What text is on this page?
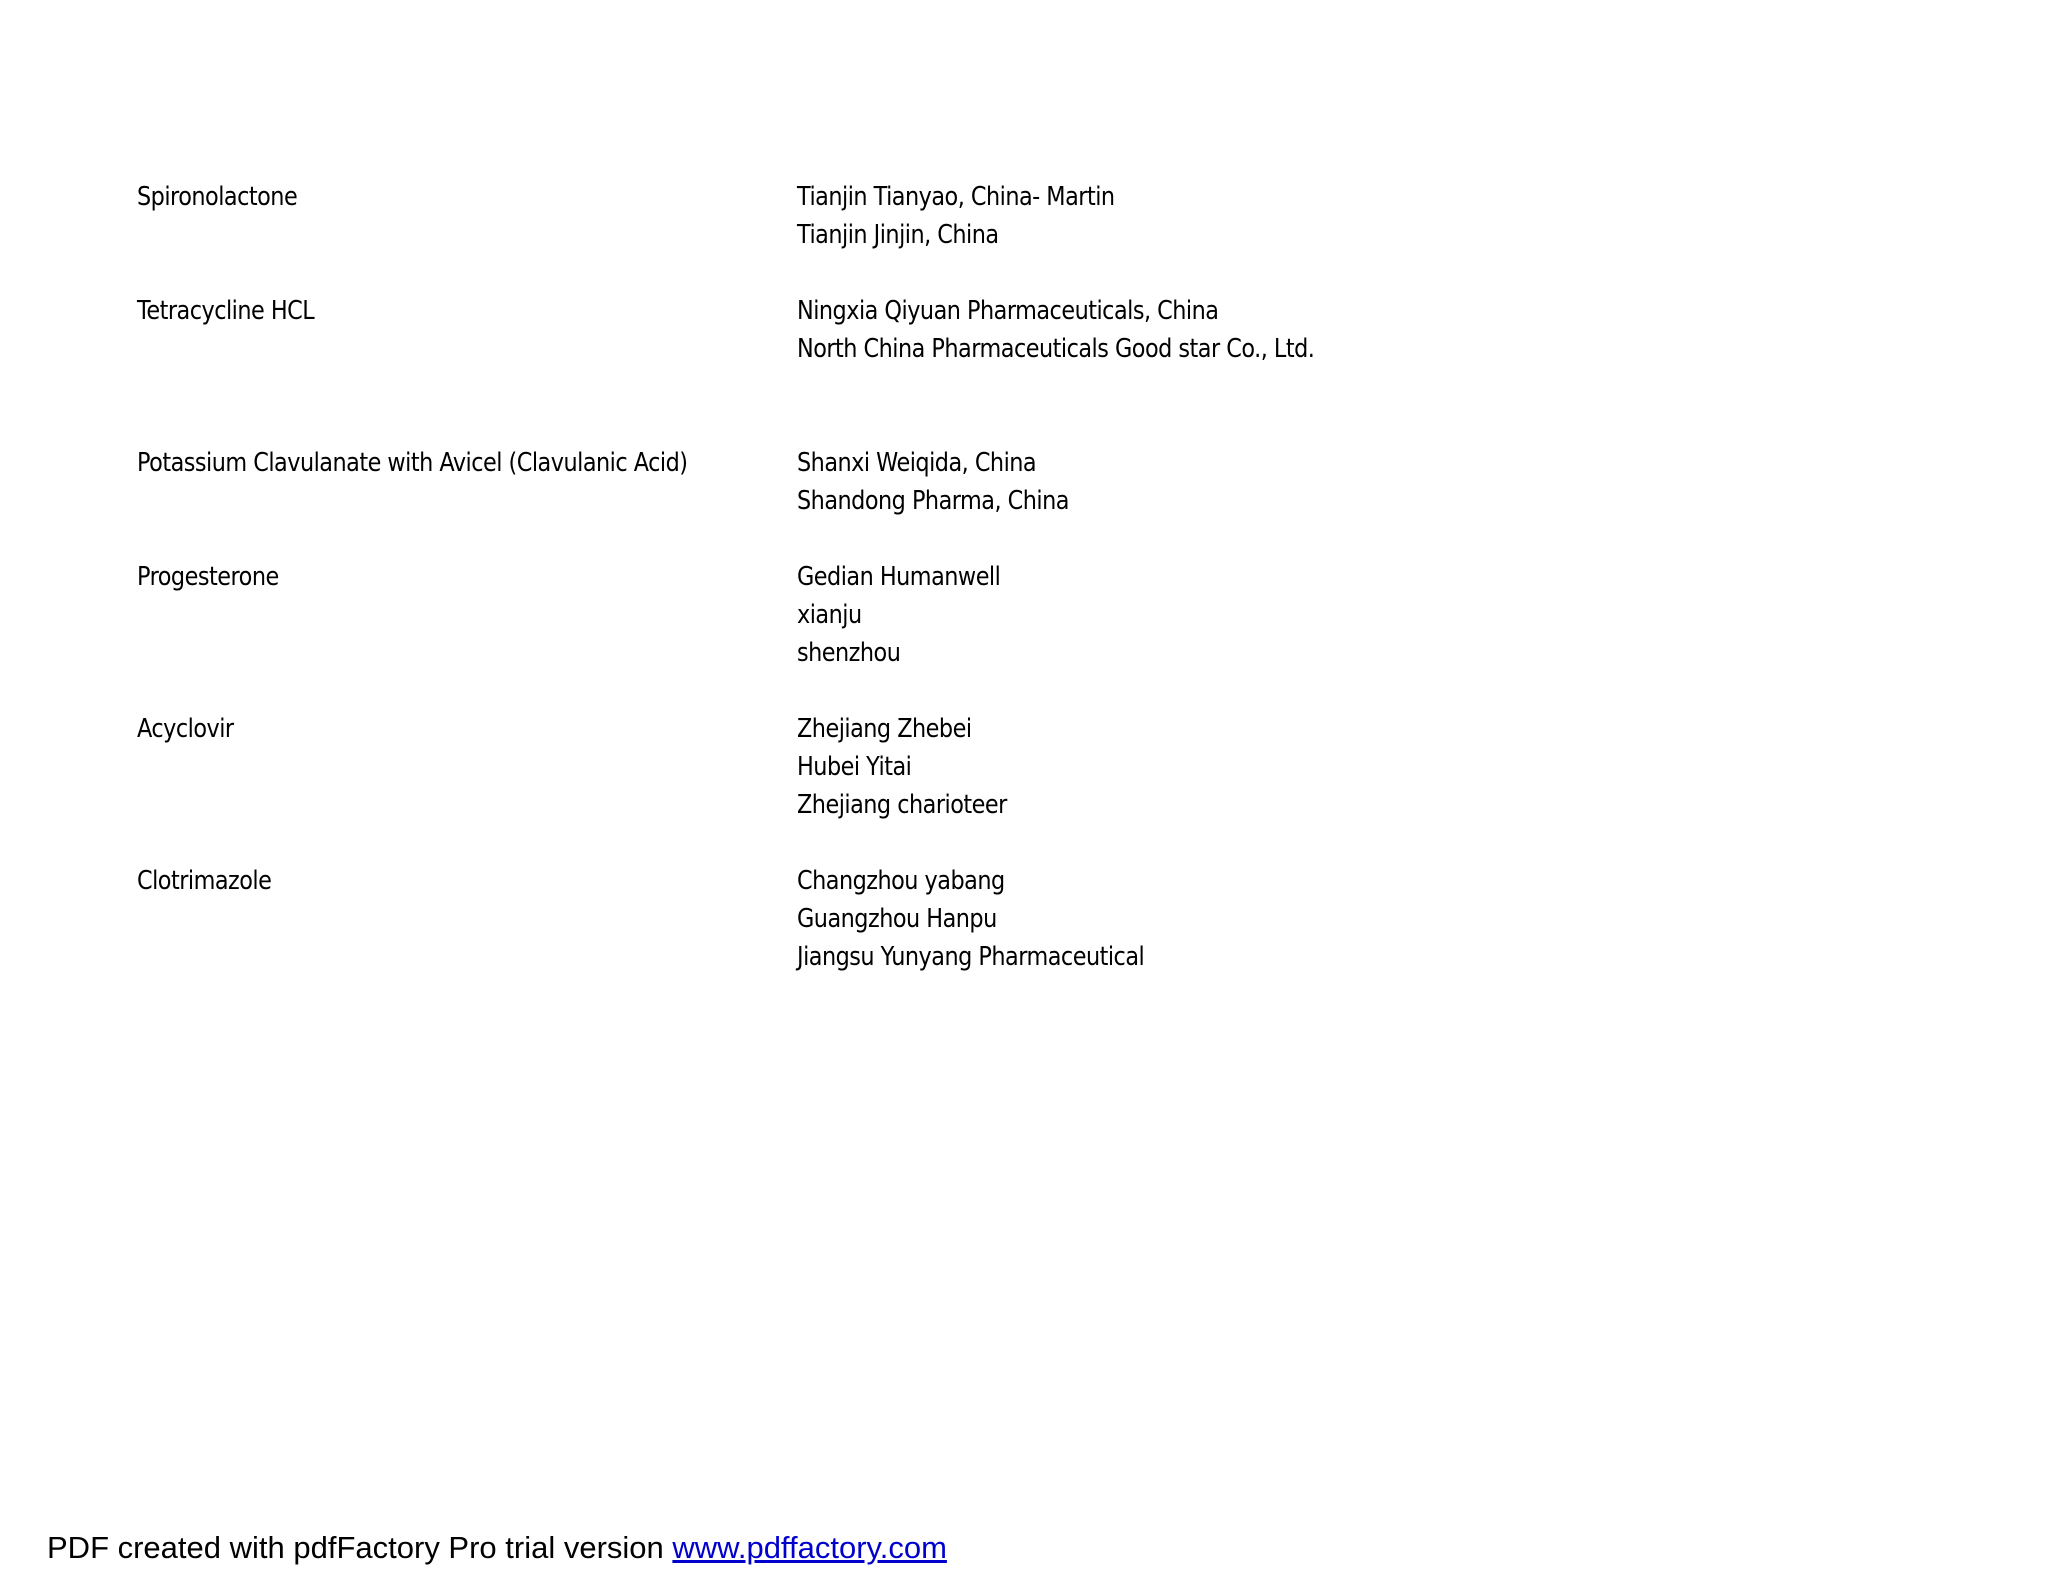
Spironolactone	Tianjin Tianyao, China- Martin
Tianjin Jinjin, China
Tetracycline HCL	Ningxia Qiyuan Pharmaceuticals, China
North China Pharmaceuticals Good star Co., Ltd.
Potassium Clavulanate with Avicel (Clavulanic Acid)	Shanxi Weiqida, China
Shandong Pharma, China
Progesterone	Gedian Humanwell
xianju
shenzhou
Acyclovir	Zhejiang Zhebei
Hubei Yitai
Zhejiang charioteer
Clotrimazole	Changzhou yabang
Guangzhou Hanpu
Jiangsu Yunyang Pharmaceutical
PDF created with pdfFactory Pro trial version www.pdffactory.com
